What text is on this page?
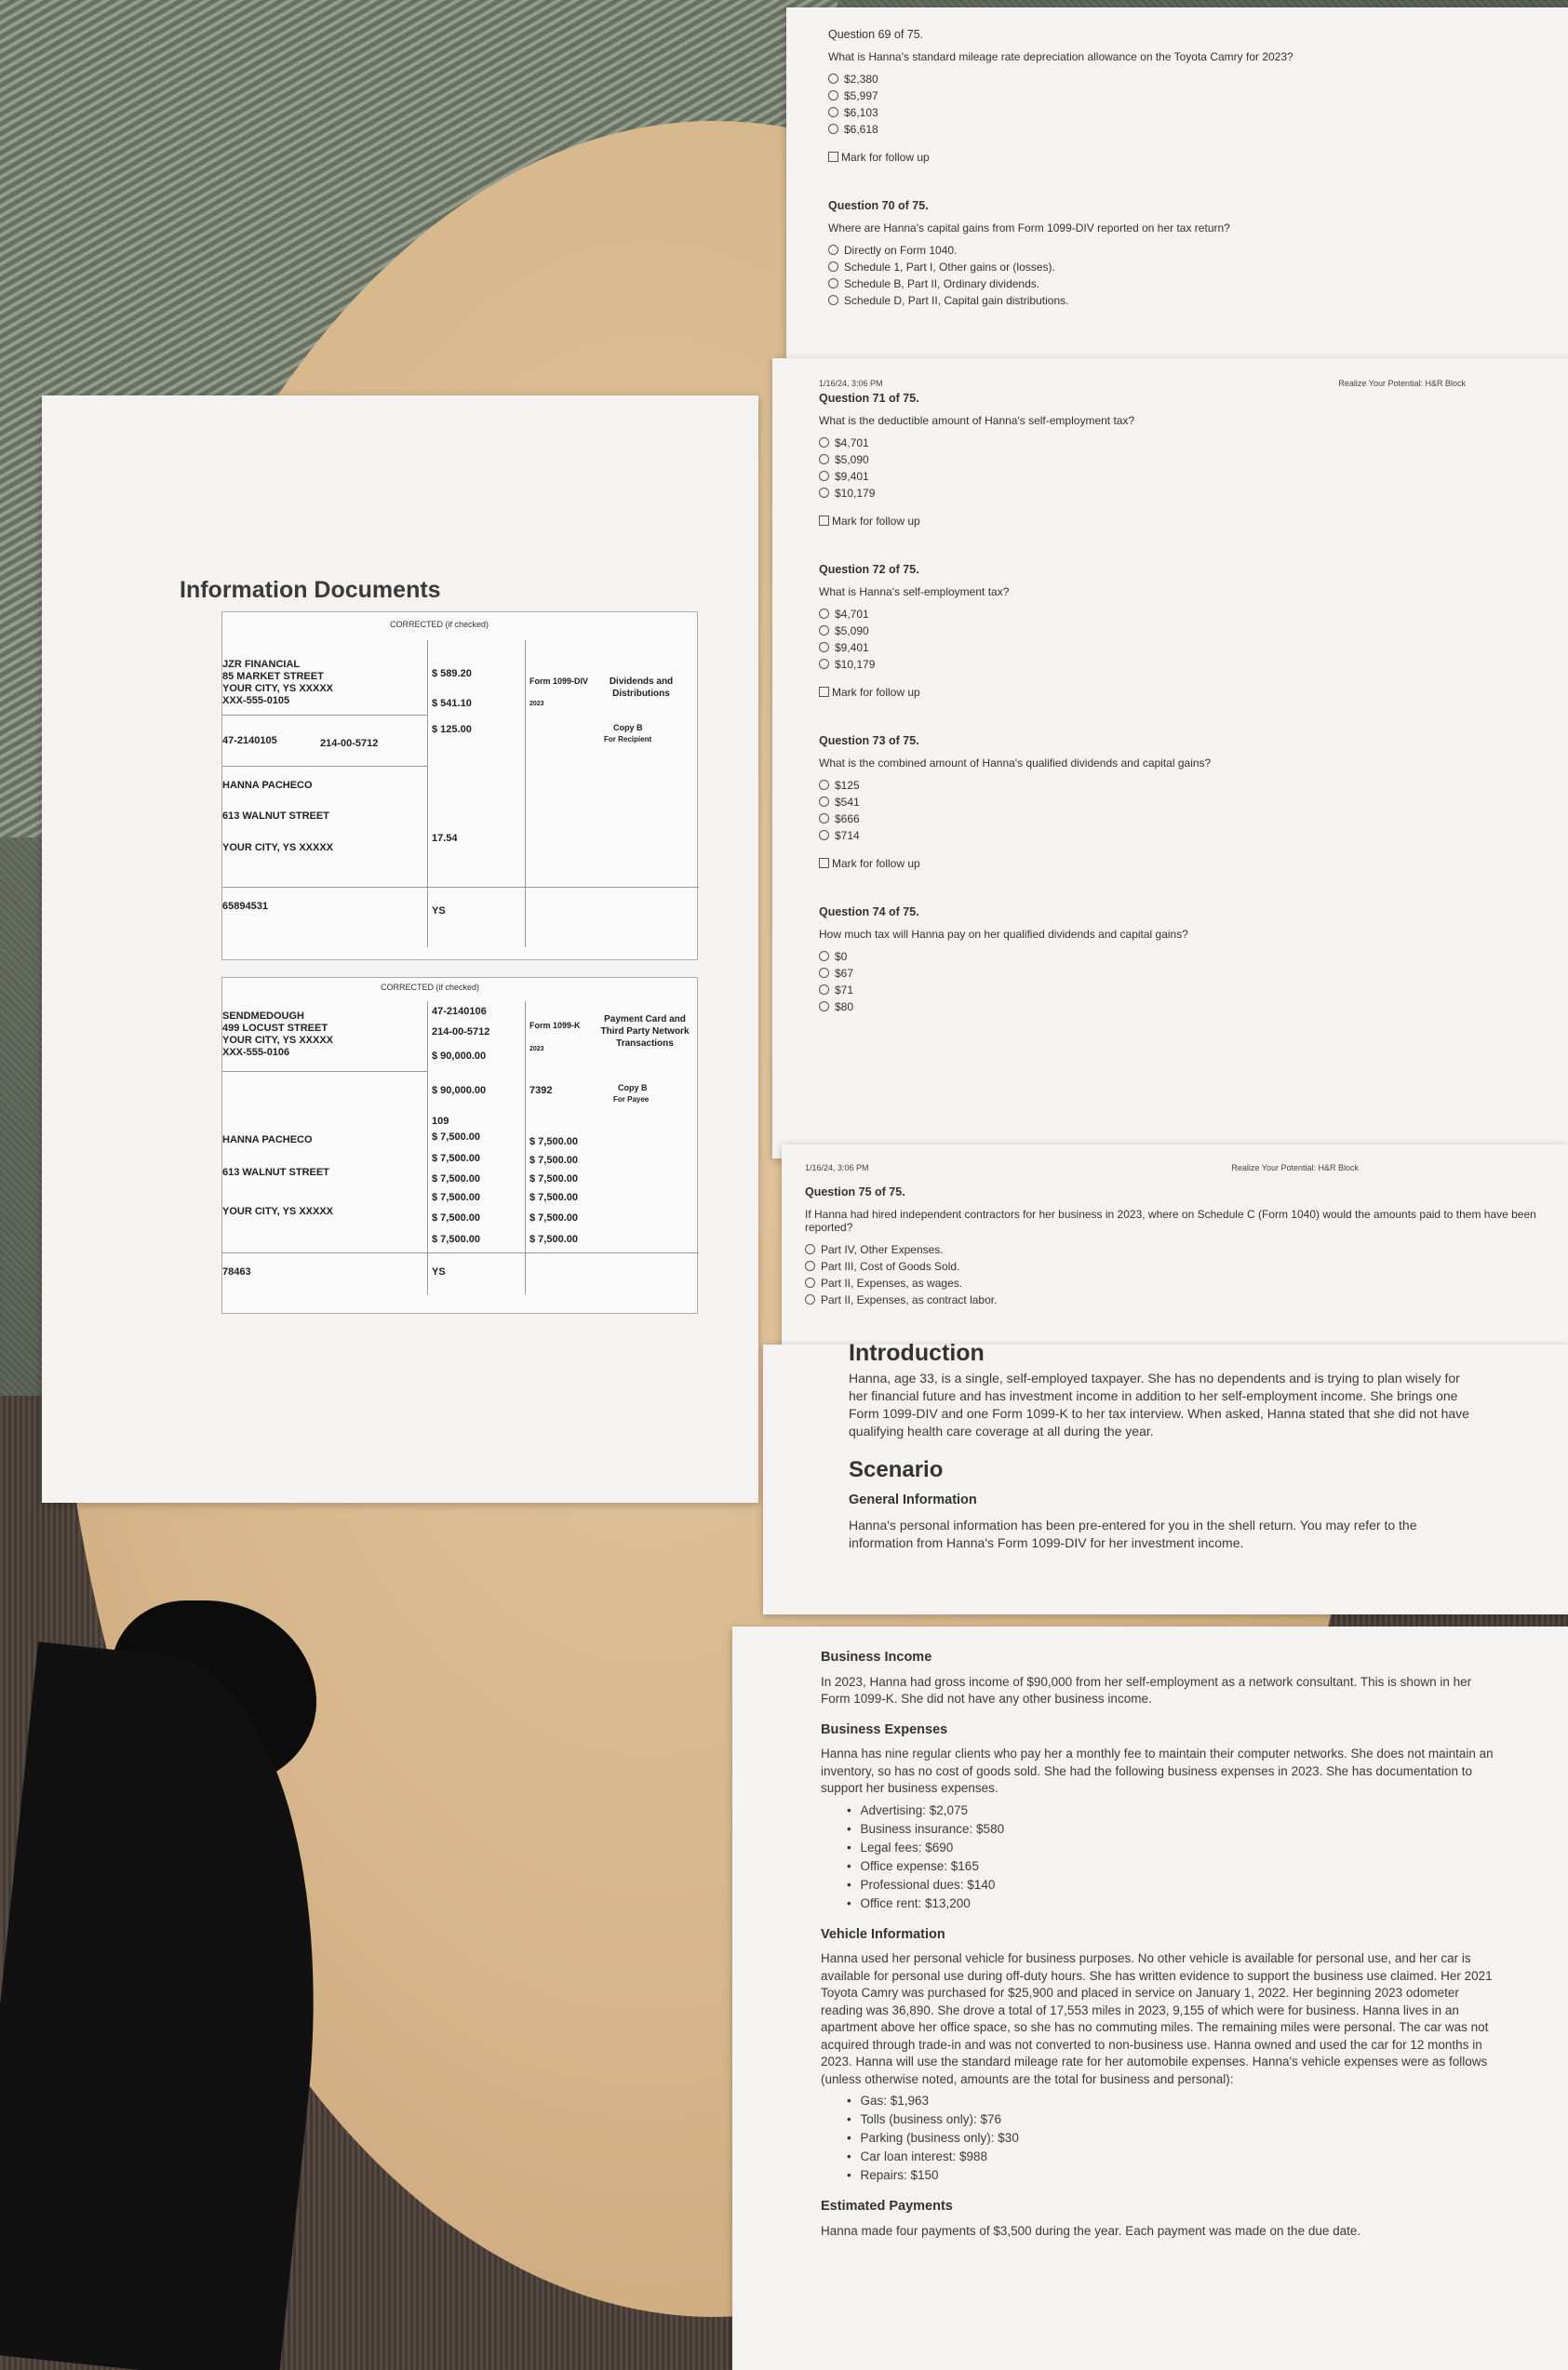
Question 69 of 75.
What is Hanna's standard mileage rate depreciation allowance on the Toyota Camry for 2023?
$2,380
$5,997
$6,103
$6,618
Mark for follow up
Question 70 of 75.
Where are Hanna's capital gains from Form 1099-DIV reported on her tax return?
Directly on Form 1040.
Schedule 1, Part I, Other gains or (losses).
Schedule B, Part II, Ordinary dividends.
Schedule D, Part II, Capital gain distributions.
1/16/24, 3:06 PM	Realize Your Potential: H&R Block
Question 71 of 75.
What is the deductible amount of Hanna's self-employment tax?
$4,701
$5,090
$9,401
$10,179
Mark for follow up
Question 72 of 75.
What is Hanna's self-employment tax?
$4,701
$5,090
$9,401
$10,179
Mark for follow up
Question 73 of 75.
What is the combined amount of Hanna's qualified dividends and capital gains?
$125
$541
$666
$714
Mark for follow up
Question 74 of 75.
How much tax will Hanna pay on her qualified dividends and capital gains?
$0
$67
$71
$80
1/16/24, 3:06 PM	Realize Your Potential: H&R Block
Question 75 of 75.
If Hanna had hired independent contractors for her business in 2023, where on Schedule C (Form 1040) would the amounts paid to them have been reported?
Part IV, Other Expenses.
Part III, Cost of Goods Sold.
Part II, Expenses, as wages.
Part II, Expenses, as contract labor.
Information Documents
CORRECTED (if checked)
JZR FINANCIAL
85 MARKET STREET
YOUR CITY, YS XXXXX
XXX-555-0105
47-2140105	214-00-5712
HANNA PACHECO
613 WALNUT STREET
YOUR CITY, YS XXXXX
65894531
$ 589.20
$ 541.10
$ 125.00
17.54
YS
Form 1099-DIV
2023
Dividends and Distributions
Copy B
For Recipient
CORRECTED (if checked)
SENDMEDOUGH
499 LOCUST STREET
YOUR CITY, YS XXXXX
XXX-555-0106
HANNA PACHECO
613 WALNUT STREET
YOUR CITY, YS XXXXX
78463
47-2140106
214-00-5712
$ 90,000.00
$ 90,000.00
109
7392
$ 7,500.00	$ 7,500.00
$ 7,500.00	$ 7,500.00
$ 7,500.00	$ 7,500.00
$ 7,500.00	$ 7,500.00
$ 7,500.00	$ 7,500.00
$ 7,500.00	$ 7,500.00
YS
Form 1099-K
2023
Payment Card and Third Party Network Transactions
Copy B
For Payee
Introduction

Hanna, age 33, is a single, self-employed taxpayer. She has no dependents and is trying to plan wisely for her financial future and has investment income in addition to her self-employment income. She brings one Form 1099-DIV and one Form 1099-K to her tax interview. When asked, Hanna stated that she did not have qualifying health care coverage at all during the year.

Scenario
General Information

Hanna's personal information has been pre-entered for you in the shell return. You may refer to the information from Hanna's Form 1099-DIV for her investment income.

Business Income

In 2023, Hanna had gross income of $90,000 from her self-employment as a network consultant. This is shown in her Form 1099-K. She did not have any other business income.

Business Expenses

Hanna has nine regular clients who pay her a monthly fee to maintain their computer networks. She does not maintain an inventory, so has no cost of goods sold. She had the following business expenses in 2023. She has documentation to support her business expenses.

• Advertising: $2,075
• Business insurance: $580
• Legal fees: $690
• Office expense: $165
• Professional dues: $140
• Office rent: $13,200
Vehicle Information

Hanna used her personal vehicle for business purposes. No other vehicle is available for personal use, and her car is available for personal use during off-duty hours. She has written evidence to support the business use claimed. Her 2021 Toyota Camry was purchased for $25,900 and placed in service on January 1, 2022. Her beginning 2023 odometer reading was 36,890. She drove a total of 17,553 miles in 2023, 9,155 of which were for business. Hanna lives in an apartment above her office space, so she has no commuting miles. The remaining miles were personal. The car was not acquired through trade-in and was not converted to non-business use. Hanna owned and used the car for 12 months in 2023. Hanna will use the standard mileage rate for her automobile expenses. Hanna's vehicle expenses were as follows (unless otherwise noted, amounts are the total for business and personal):

• Gas: $1,963
• Tolls (business only): $76
• Parking (business only): $30
• Car loan interest: $988
• Repairs: $150
Estimated Payments

Hanna made four payments of $3,500 during the year. Each payment was made on the due date.
